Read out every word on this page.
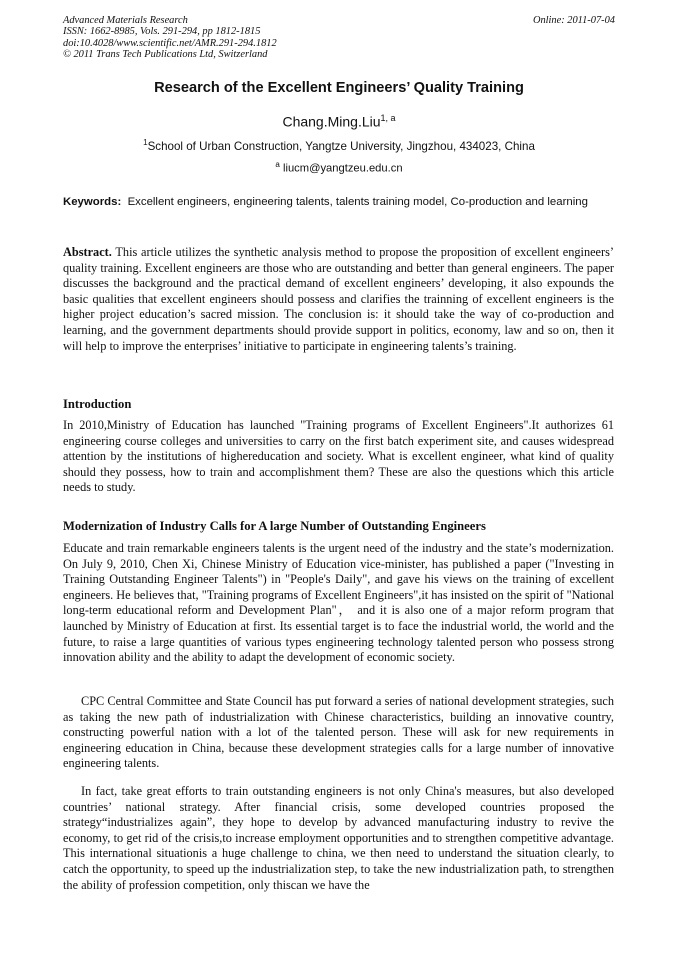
Advanced Materials Research
ISSN: 1662-8985, Vols. 291-294, pp 1812-1815
doi:10.4028/www.scientific.net/AMR.291-294.1812
© 2011 Trans Tech Publications Ltd, Switzerland
Online: 2011-07-04
Research of the Excellent Engineers’ Quality Training
Chang.Ming.Liu$^{1, a}$
$^1$School of Urban Construction, Yangtze University, Jingzhou, 434023, China
$^a$ liucm@yangtzeu.edu.cn
Keywords: Excellent engineers, engineering talents, talents training model, Co-production and learning

Abstract. This article utilizes the synthetic analysis method to propose the proposition of excellent engineers’ quality training. Excellent engineers are those who are outstanding and better than general engineers. The paper discusses the background and the practical demand of excellent engineers’ developing, it also expounds the basic qualities that excellent engineers should possess and clarifies the trainning of excellent engineers is the higher project education’s sacred mission. The conclusion is: it should take the way of co-production and learning, and the government departments should provide support in politics, economy, law and so on, then it will help to improve the enterprises’ initiative to participate in engineering talents’s training.

Introduction

In 2010,Ministry of Education has launched "Training programs of Excellent Engineers".It authorizes 61 engineering course colleges and universities to carry on the first batch experiment site, and causes widespread attention by the institutions of highereducation and society. What is excellent engineer, what kind of quality should they possess, how to train and accomplishment them? These are also the questions which this article needs to study.

Modernization of Industry Calls for A large Number of Outstanding Engineers

Educate and train remarkable engineers talents is the urgent need of the industry and the state’s modernization. On July 9, 2010, Chen Xi, Chinese Ministry of Education vice-minister, has published a paper ("Investing in Training Outstanding Engineer Talents") in "People's Daily", and gave his views on the training of excellent engineers. He believes that, "Training programs of Excellent Engineers",it has insisted on the spirit of "National long-term educational reform and Development Plan"， and it is also one of a major reform program that launched by Ministry of Education at first. Its essential target is to face the industrial world, the world and the future, to raise a large quantities of various types engineering technology talented person who possess strong innovation ability and the ability to adapt the development of economic society.

CPC Central Committee and State Council has put forward a series of national development strategies, such as taking the new path of industrialization with Chinese characteristics, building an innovative country, constructing powerful nation with a lot of the talented person. These will ask for new requirements in engineering education in China, because these development strategies calls for a large number of innovative engineering talents.

In fact, take great efforts to train outstanding engineers is not only China's measures, but also developed countries’ national strategy. After financial crisis, some developed countries proposed the strategy“industrializes again”, they hope to develop by advanced manufacturing industry to revive the economy, to get rid of the crisis,to increase employment opportunities and to strengthen competitive advantage. This international situationis a huge challenge to china, we then need to understand the situation clearly, to catch the opportunity, to speed up the industrialization step, to take the new industrialization path, to strengthen the ability of profession competition, only thiscan we have the
